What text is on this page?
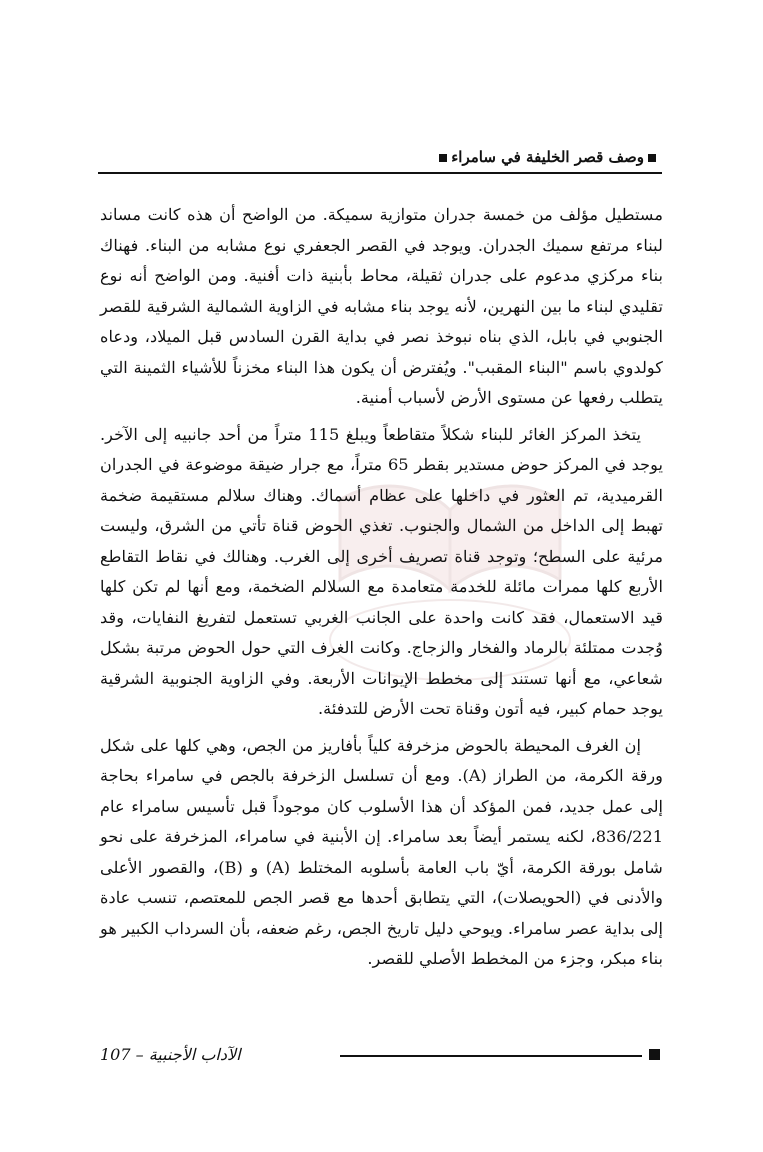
وصف قصر الخليفة في سامراء

مستطيل مؤلف من خمسة جدران متوازية سميكة. من الواضح أن هذه كانت مساند لبناء مرتفع سميك الجدران. ويوجد في القصر الجعفري نوع مشابه من البناء. فهناك بناء مركزي مدعوم على جدران ثقيلة، محاط بأبنية ذات أفنية. ومن الواضح أنه نوع تقليدي لبناء ما بين النهرين، لأنه يوجد بناء مشابه في الزاوية الشمالية الشرقية للقصر الجنوبي في بابل، الذي بناه نبوخذ نصر في بداية القرن السادس قبل الميلاد، ودعاه كولدوي باسم "البناء المقبب". ويُفترض أن يكون هذا البناء مخزناً للأشياء الثمينة التي يتطلب رفعها عن مستوى الأرض لأسباب أمنية.

يتخذ المركز الغائر للبناء شكلاً متقاطعاً ويبلغ 115 متراً من أحد جانبيه إلى الآخر. يوجد في المركز حوض مستدير بقطر 65 متراً، مع جرار ضيقة موضوعة في الجدران القرميدية، تم العثور في داخلها على عظام أسماك. وهناك سلالم مستقيمة ضخمة تهبط إلى الداخل من الشمال والجنوب. تغذي الحوض قناة تأتي من الشرق، وليست مرئية على السطح؛ وتوجد قناة تصريف أخرى إلى الغرب. وهنالك في نقاط التقاطع الأربع كلها ممرات مائلة للخدمة متعامدة مع السلالم الضخمة، ومع أنها لم تكن كلها قيد الاستعمال، فقد كانت واحدة على الجانب الغربي تستعمل لتفريغ النفايات، وقد وُجدت ممتلئة بالرماد والفخار والزجاج. وكانت الغرف التي حول الحوض مرتبة بشكل شعاعي، مع أنها تستند إلى مخطط الإيوانات الأربعة. وفي الزاوية الجنوبية الشرقية يوجد حمام كبير، فيه أتون وقناة تحت الأرض للتدفئة.

إن الغرف المحيطة بالحوض مزخرفة كلياً بأفاريز من الجص، وهي كلها على شكل ورقة الكرمة، من الطراز (A). ومع أن تسلسل الزخرفة بالجص في سامراء بحاجة إلى عمل جديد، فمن المؤكد أن هذا الأسلوب كان موجوداً قبل تأسيس سامراء عام 836/221، لكنه يستمر أيضاً بعد سامراء. إن الأبنية في سامراء، المزخرفة على نحو شامل بورقة الكرمة، أيّ باب العامة بأسلوبه المختلط (A) و (B)، والقصور الأعلى والأدنى في (الحويصلات)، التي يتطابق أحدها مع قصر الجص للمعتصم، تنسب عادة إلى بداية عصر سامراء. ويوحي دليل تاريخ الجص، رغم ضعفه، بأن السرداب الكبير هو بناء مبكر، وجزء من المخطط الأصلي للقصر.

الآداب الأجنبية – 107
